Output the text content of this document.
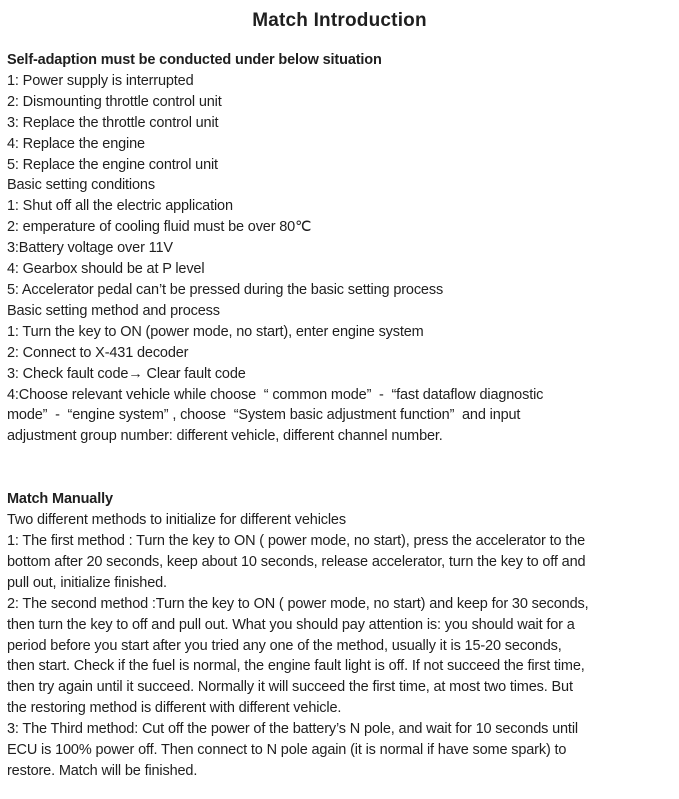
Match Introduction
Self-adaption must be conducted under below situation
1: Power supply is interrupted
2: Dismounting throttle control unit
3: Replace the throttle control unit
4: Replace the engine
5: Replace the engine control unit
Basic setting conditions
1: Shut off all the electric application
2: emperature of cooling fluid must be over 80℃
3:Battery voltage over 11V
4: Gearbox should be at P level
5: Accelerator pedal can’t be pressed during the basic setting process
Basic setting method and process
1: Turn the key to ON (power mode, no start), enter engine system
2: Connect to X-431 decoder
3: Check fault code→ Clear fault code
4:Choose relevant vehicle while choose  “ common mode”  -  “fast dataflow diagnostic
mode”  -  “engine system” , choose  “System basic adjustment function”  and input
adjustment group number: different vehicle, different channel number.
Match Manually
Two different methods to initialize for different vehicles
1: The first method : Turn the key to ON ( power mode, no start), press the accelerator to the
bottom after 20 seconds, keep about 10 seconds, release accelerator, turn the key to off and
pull out, initialize finished.
2: The second method :Turn the key to ON ( power mode, no start) and keep for 30 seconds,
then turn the key to off and pull out. What you should pay attention is: you should wait for a
period before you start after you tried any one of the method, usually it is 15-20 seconds,
then start. Check if the fuel is normal, the engine fault light is off. If not succeed the first time,
then try again until it succeed. Normally it will succeed the first time, at most two times. But
the restoring method is different with different vehicle.
3: The Third method: Cut off the power of the battery’s N pole, and wait for 10 seconds until
ECU is 100% power off. Then connect to N pole again (it is normal if have some spark) to
restore. Match will be finished.
